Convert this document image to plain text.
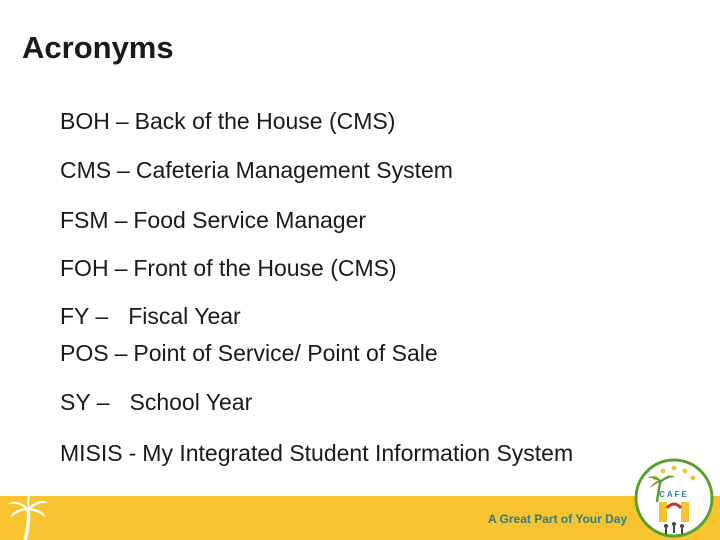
Acronyms
BOH – Back of the House (CMS)
CMS – Cafeteria Management System
FSM – Food Service Manager
FOH – Front of the House (CMS)
FY – Fiscal Year
POS – Point of Service/ Point of Sale
SY – School Year
MISIS - My Integrated Student Information System
A Great Part of Your Day
CAFE
